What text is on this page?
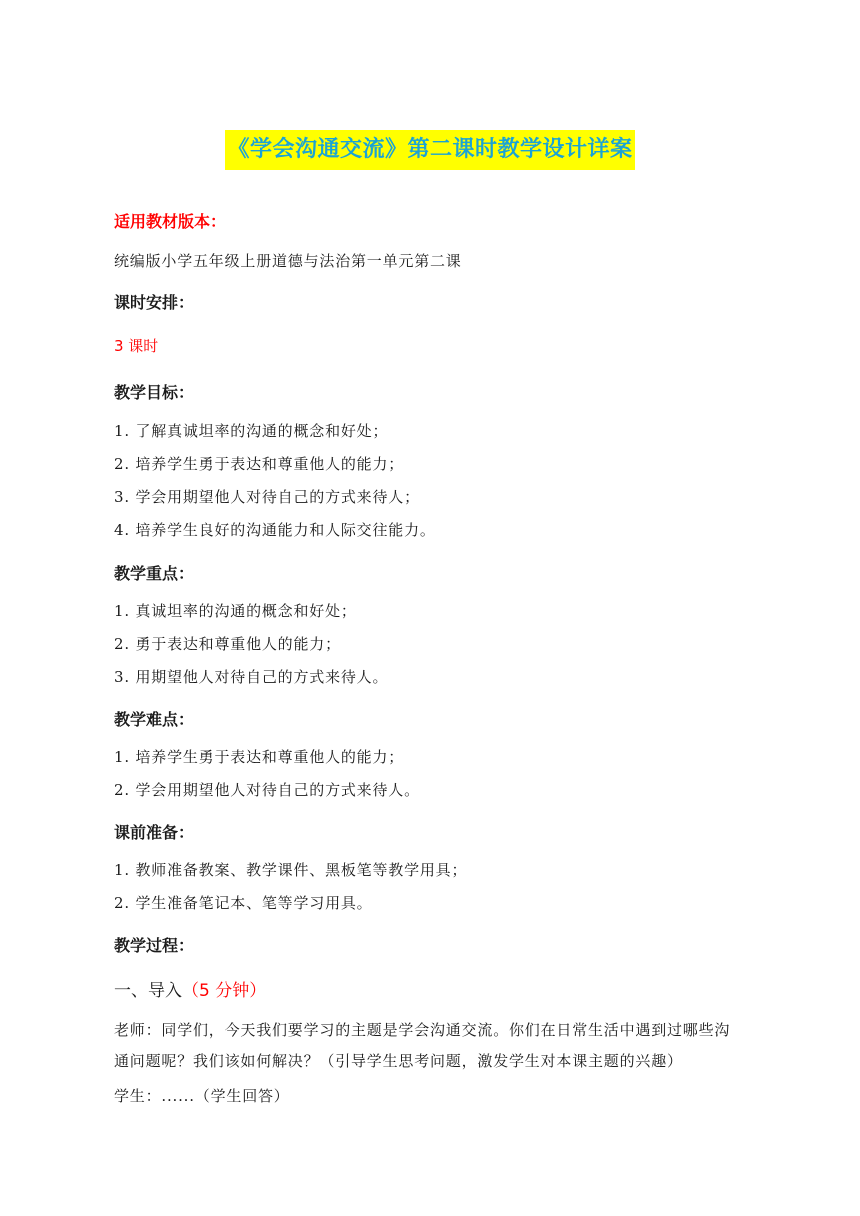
《学会沟通交流》第二课时教学设计详案
适用教材版本：
统编版小学五年级上册道德与法治第一单元第二课
课时安排：
3 课时
教学目标：
1. 了解真诚坦率的沟通的概念和好处；
2. 培养学生勇于表达和尊重他人的能力；
3. 学会用期望他人对待自己的方式来待人；
4. 培养学生良好的沟通能力和人际交往能力。
教学重点：
1. 真诚坦率的沟通的概念和好处；
2. 勇于表达和尊重他人的能力；
3. 用期望他人对待自己的方式来待人。
教学难点：
1. 培养学生勇于表达和尊重他人的能力；
2. 学会用期望他人对待自己的方式来待人。
课前准备：
1. 教师准备教案、教学课件、黑板笔等教学用具；
2. 学生准备笔记本、笔等学习用具。
教学过程：
一、导入（5 分钟）
老师：同学们，今天我们要学习的主题是学会沟通交流。你们在日常生活中遇到过哪些沟
通问题呢？我们该如何解决？（引导学生思考问题，激发学生对本课主题的兴趣）
学生：......（学生回答）
